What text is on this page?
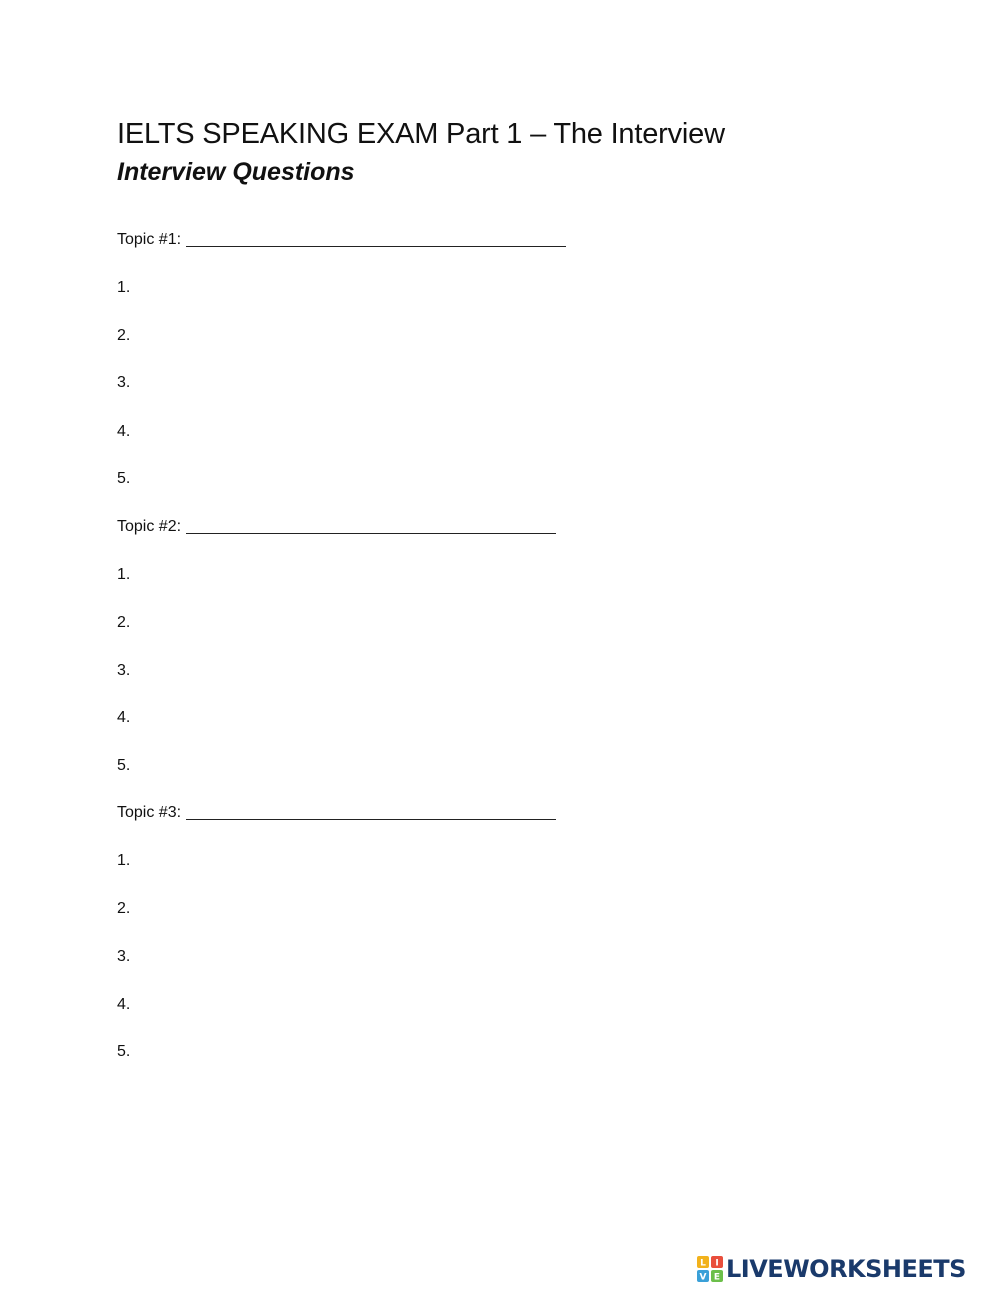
IELTS SPEAKING EXAM Part 1 – The Interview
Interview Questions
Topic #1:
1.
2.
3.
4.
5.
Topic #2:
1.
2.
3.
4.
5.
Topic #3:
1.
2.
3.
4.
5.
L I
V E LIVEWORKSHEETS
